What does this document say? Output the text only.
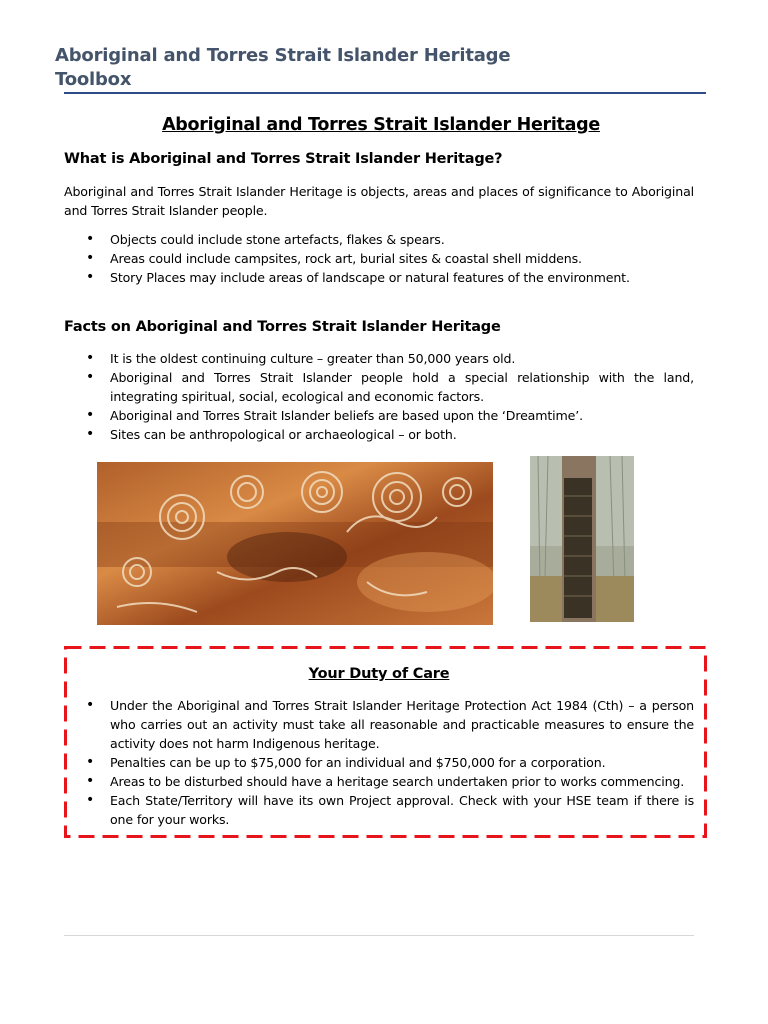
Aboriginal and Torres Strait Islander Heritage Toolbox
Aboriginal and Torres Strait Islander Heritage
What is Aboriginal and Torres Strait Islander Heritage?
Aboriginal and Torres Strait Islander Heritage is objects, areas and places of significance to Aboriginal and Torres Strait Islander people.
• Objects could include stone artefacts, flakes & spears.
• Areas could include campsites, rock art, burial sites & coastal shell middens.
• Story Places may include areas of landscape or natural features of the environment.
Facts on Aboriginal and Torres Strait Islander Heritage
• It is the oldest continuing culture – greater than 50,000 years old.
• Aboriginal and Torres Strait Islander people hold a special relationship with the land, integrating spiritual, social, ecological and economic factors.
• Aboriginal and Torres Strait Islander beliefs are based upon the ‘Dreamtime’.
• Sites can be anthropological or archaeological – or both.
Your Duty of Care
• Under the Aboriginal and Torres Strait Islander Heritage Protection Act 1984 (Cth) – a person who carries out an activity must take all reasonable and practicable measures to ensure the activity does not harm Indigenous heritage.
• Penalties can be up to $75,000 for an individual and $750,000 for a corporation.
• Areas to be disturbed should have a heritage search undertaken prior to works commencing.
• Each State/Territory will have its own Project approval. Check with your HSE team if there is one for your works.
